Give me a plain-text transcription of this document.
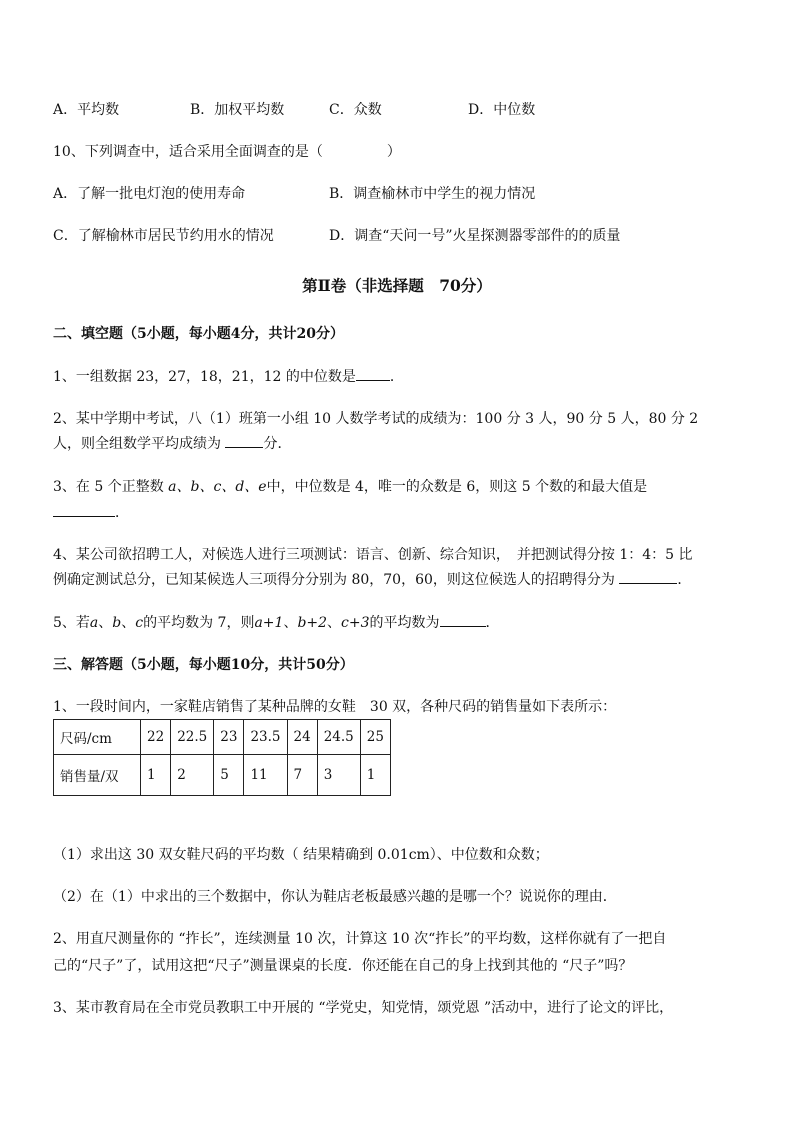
A．平均数	B．加权平均数	C．众数	D．中位数
10、下列调查中，适合采用全面调查的是（	）
A．了解一批电灯泡的使用寿命	B．调查榆林市中学生的视力情况
C．了解榆林市居民节约用水的情况	D．调查“天问一号”火星探测器零部件的的质量
第Ⅱ卷（非选择题　70分）
二、填空题（5小题，每小题4分，共计20分）
1、一组数据 23，27，18，21，12 的中位数是 ．
2、某中学期中考试，八（1）班第一小组 10 人数学考试的成绩为：100 分 3 人，90 分 5 人，80 分 2
人，则全组数学平均成绩为	分．
3、在 5 个正整数 a、b、c、d、e中，中位数是 4，唯一的众数是 6，则这 5 个数的和最大值是
．
4、某公司欲招聘工人，对候选人进行三项测试：语言、创新、综合知识，　并把测试得分按 1：4：5 比
例确定测试总分，已知某候选人三项得分分别为 80，70，60，则这位候选人的招聘得分为	．
5、若a、b、c的平均数为 7，则a+1、b+2、c+3的平均数为	．
三、解答题（5小题，每小题10分，共计50分）
1、一段时间内，一家鞋店销售了某种品牌的女鞋　30 双，各种尺码的销售量如下表所示：
尺码/cm	22	22.5	23	23.5	24	24.5	25
销售量/双	1	2	5	11	7	3	1
（1）求出这 30 双女鞋尺码的平均数（ 结果精确到 0.01cm）、中位数和众数；
（2）在（1）中求出的三个数据中，你认为鞋店老板最感兴趣的是哪一个？说说你的理由．
2、用直尺测量你的 “拃长”，连续测量 10 次，计算这 10 次“拃长”的平均数，这样你就有了一把自
己的“尺子”了，试用这把“尺子”测量课桌的长度．你还能在自己的身上找到其他的 “尺子”吗？
3、某市教育局在全市党员教职工中开展的 “学党史，知党情，颂党恩 ”活动中，进行了论文的评比，
